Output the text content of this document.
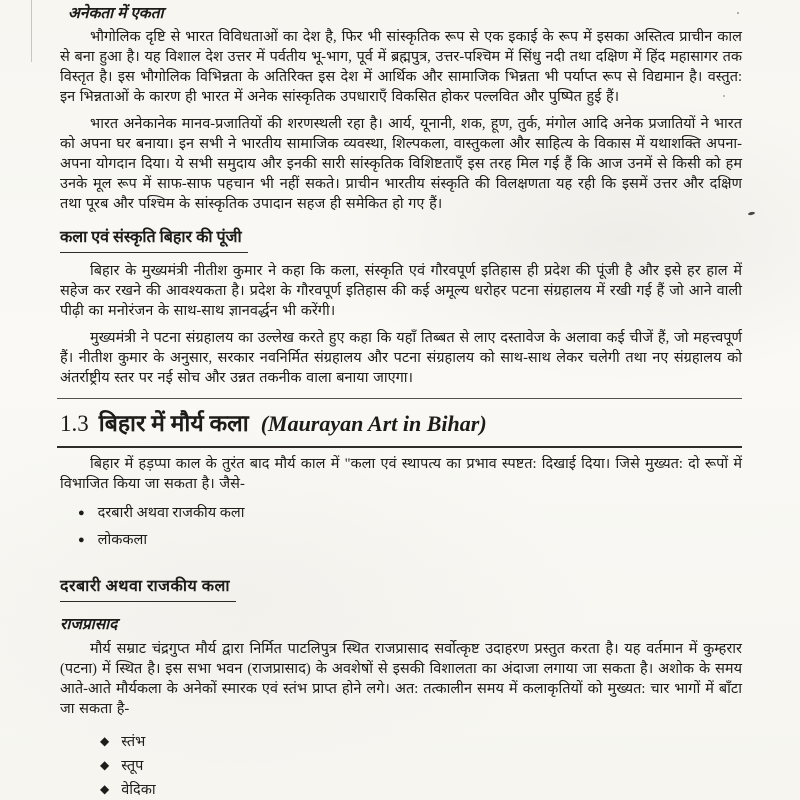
अनेकता में एकता

भौगोलिक दृष्टि से भारत विविधताओं का देश है, फिर भी सांस्कृतिक रूप से एक इकाई के रूप में इसका अस्तित्व प्राचीन काल से बना हुआ है। यह विशाल देश उत्तर में पर्वतीय भू-भाग, पूर्व में ब्रह्मपुत्र, उत्तर-पश्चिम में सिंधु नदी तथा दक्षिण में हिंद महासागर तक विस्तृत है। इस भौगोलिक विभिन्नता के अतिरिक्त इस देश में आर्थिक और सामाजिक भिन्नता भी पर्याप्त रूप से विद्यमान है। वस्तुत: इन भिन्नताओं के कारण ही भारत में अनेक सांस्कृतिक उपधाराएँ विकसित होकर पल्लवित और पुष्पित हुई हैं।

भारत अनेकानेक मानव-प्रजातियों की शरणस्थली रहा है। आर्य, यूनानी, शक, हूण, तुर्क, मंगोल आदि अनेक प्रजातियों ने भारत को अपना घर बनाया। इन सभी ने भारतीय सामाजिक व्यवस्था, शिल्पकला, वास्तुकला और साहित्य के विकास में यथाशक्ति अपना-अपना योगदान दिया। ये सभी समुदाय और इनकी सारी सांस्कृतिक विशिष्टताएँ इस तरह मिल गई हैं कि आज उनमें से किसी को हम उनके मूल रूप में साफ-साफ पहचान भी नहीं सकते। प्राचीन भारतीय संस्कृति की विलक्षणता यह रही कि इसमें उत्तर और दक्षिण तथा पूरब और पश्चिम के सांस्कृतिक उपादान सहज ही समेकित हो गए हैं।

कला एवं संस्कृति बिहार की पूंजी

बिहार के मुख्यमंत्री नीतीश कुमार ने कहा कि कला, संस्कृति एवं गौरवपूर्ण इतिहास ही प्रदेश की पूंजी है और इसे हर हाल में सहेज कर रखने की आवश्यकता है। प्रदेश के गौरवपूर्ण इतिहास की कई अमूल्य धरोहर पटना संग्रहालय में रखी गई हैं जो आने वाली पीढ़ी का मनोरंजन के साथ-साथ ज्ञानवर्द्धन भी करेंगी।

मुख्यमंत्री ने पटना संग्रहालय का उल्लेख करते हुए कहा कि यहाँ तिब्बत से लाए दस्तावेज के अलावा कई चीजें हैं, जो महत्त्वपूर्ण हैं। नीतीश कुमार के अनुसार, सरकार नवनिर्मित संग्रहालय और पटना संग्रहालय को साथ-साथ लेकर चलेगी तथा नए संग्रहालय को अंतर्राष्ट्रीय स्तर पर नई सोच और उन्नत तकनीक वाला बनाया जाएगा।

1.3 बिहार में मौर्य कला (Maurayan Art in Bihar)

बिहार में हड़प्पा काल के तुरंत बाद मौर्य काल में "कला एवं स्थापत्य का प्रभाव स्पष्टत: दिखाई दिया। जिसे मुख्यत: दो रूपों में विभाजित किया जा सकता है। जैसे-

● दरबारी अथवा राजकीय कला
● लोककला
दरबारी अथवा राजकीय कला
राजप्रासाद

मौर्य सम्राट चंद्रगुप्त मौर्य द्वारा निर्मित पाटलिपुत्र स्थित राजप्रासाद सर्वोत्कृष्ट उदाहरण प्रस्तुत करता है। यह वर्तमान में कुम्हरार (पटना) में स्थित है। इस सभा भवन (राजप्रासाद) के अवशेषों से इसकी विशालता का अंदाजा लगाया जा सकता है। अशोक के समय आते-आते मौर्यकला के अनेकों स्मारक एवं स्तंभ प्राप्त होने लगे। अत: तत्कालीन समय में कलाकृतियों को मुख्यत: चार भागों में बाँटा जा सकता है-

◆ स्तंभ
◆ स्तूप
◆ वेदिका
